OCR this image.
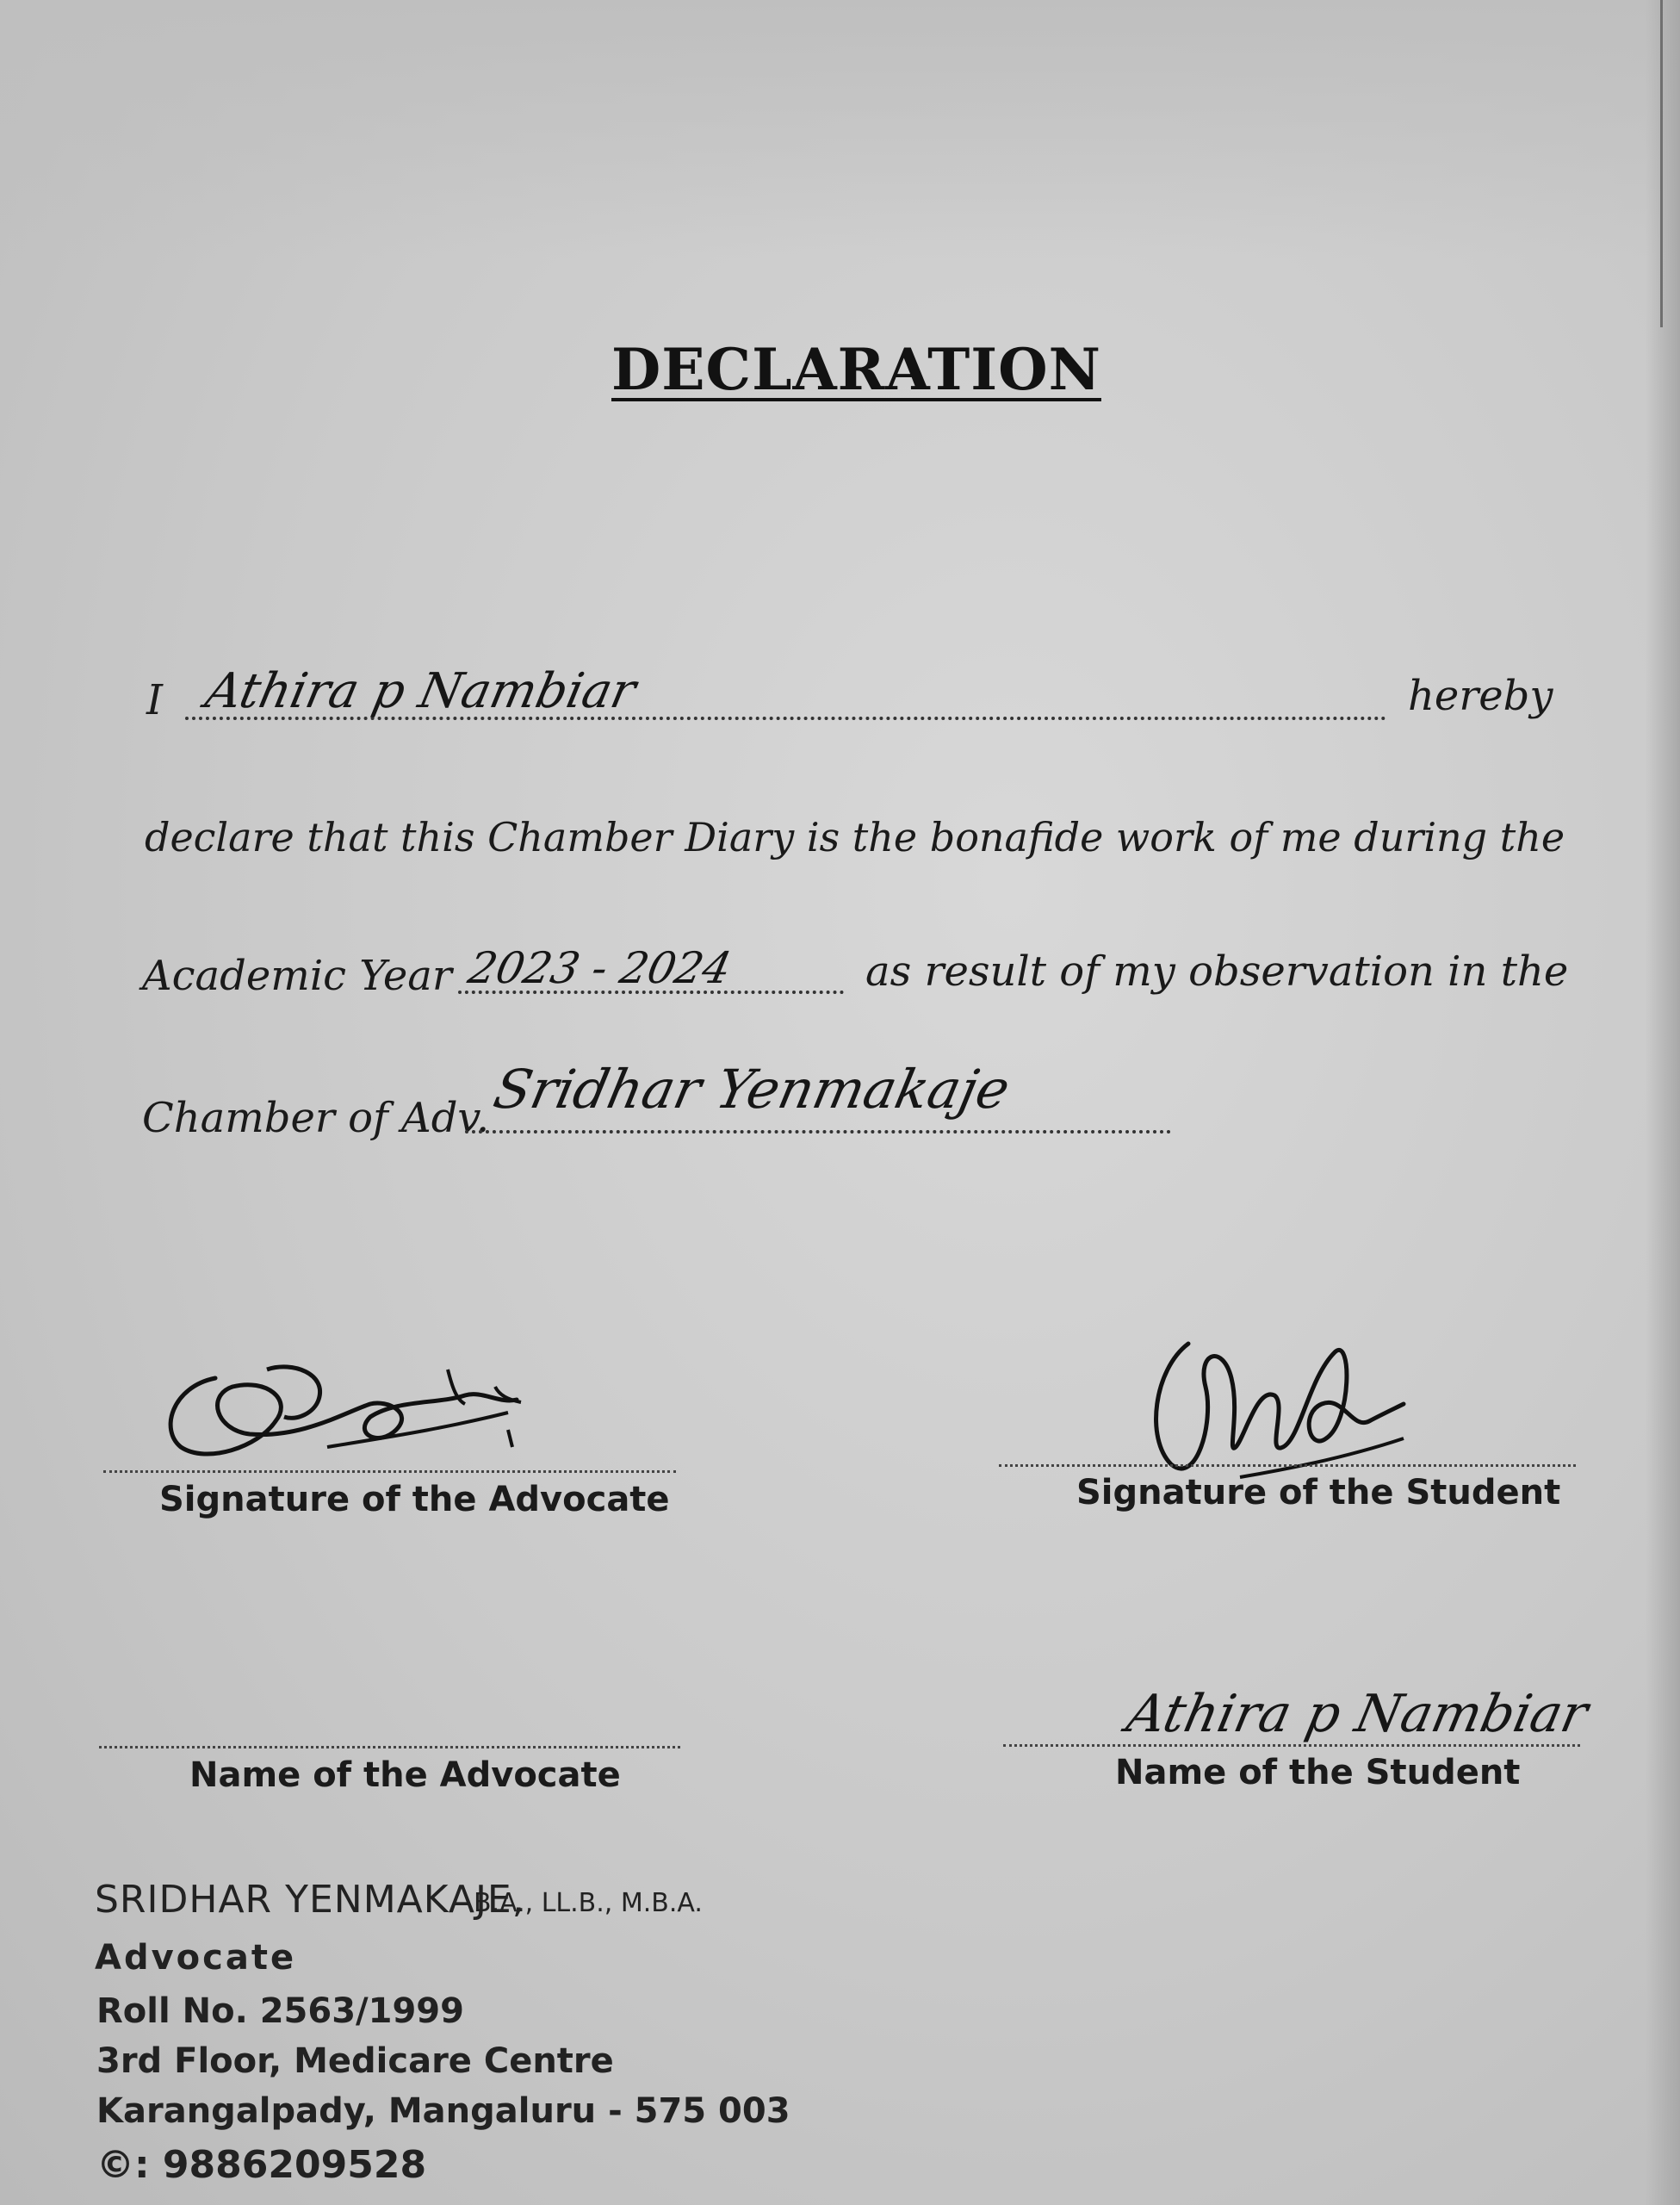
DECLARATION
I Athira p Nambiar	hereby
declare that this Chamber Diary is the bonafide work of me during the
Academic Year 2023 - 2024	as result of my observation in the
Chamber of Adv. Sridhar Yenmakaje
Signature of the Advocate	Signature of the Student
Name of the Advocate
Athira p Nambiar
Name of the Student
SRIDHAR YENMAKAJE,
B.A., LL.B., M.B.A.
Advocate
Roll No. 2563/1999
3rd Floor, Medicare Centre
Karangalpady, Mangaluru - 575 003
©: 9886209528
